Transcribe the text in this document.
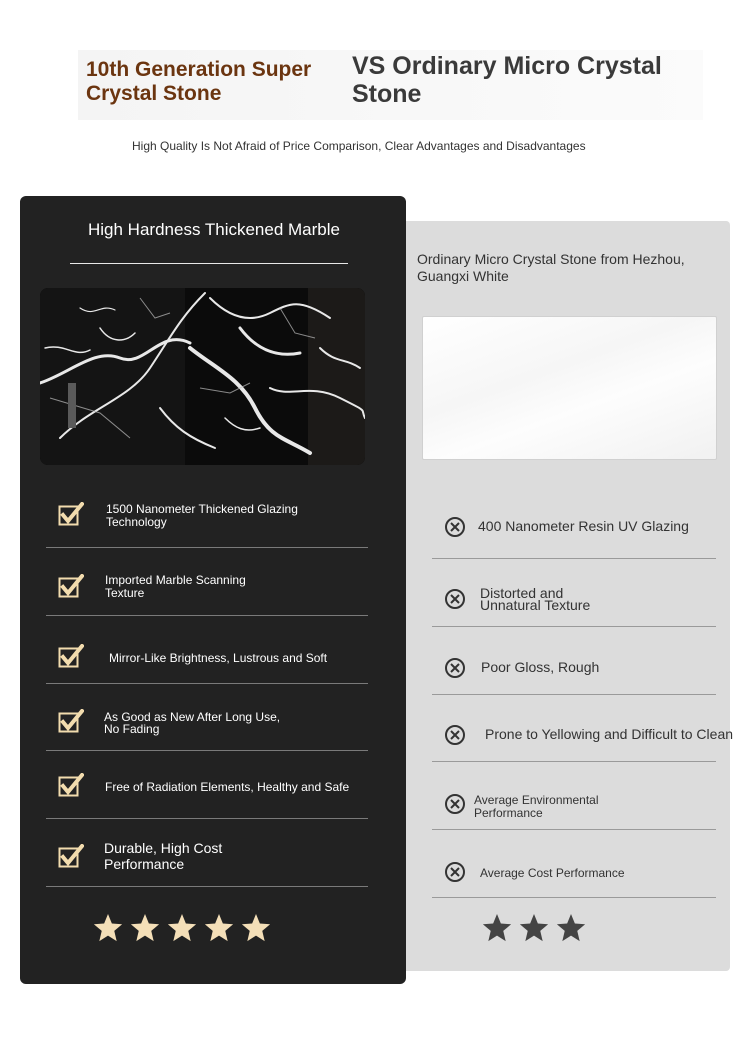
10th Generation Super Crystal Stone
VS Ordinary Micro Crystal Stone
High Quality Is Not Afraid of Price Comparison, Clear Advantages and Disadvantages
High Hardness Thickened Marble
Ordinary Micro Crystal Stone from Hezhou, Guangxi White
1500 Nanometer Thickened Glazing Technology
Imported Marble Scanning Texture
Mirror-Like Brightness, Lustrous and Soft
As Good as New After Long Use, No Fading
Free of Radiation Elements, Healthy and Safe
Durable, High Cost Performance
400 Nanometer Resin UV Glazing
Distorted and Unnatural Texture
Poor Gloss, Rough
Prone to Yellowing and Difficult to Clean
Average Environmental Performance
Average Cost Performance
